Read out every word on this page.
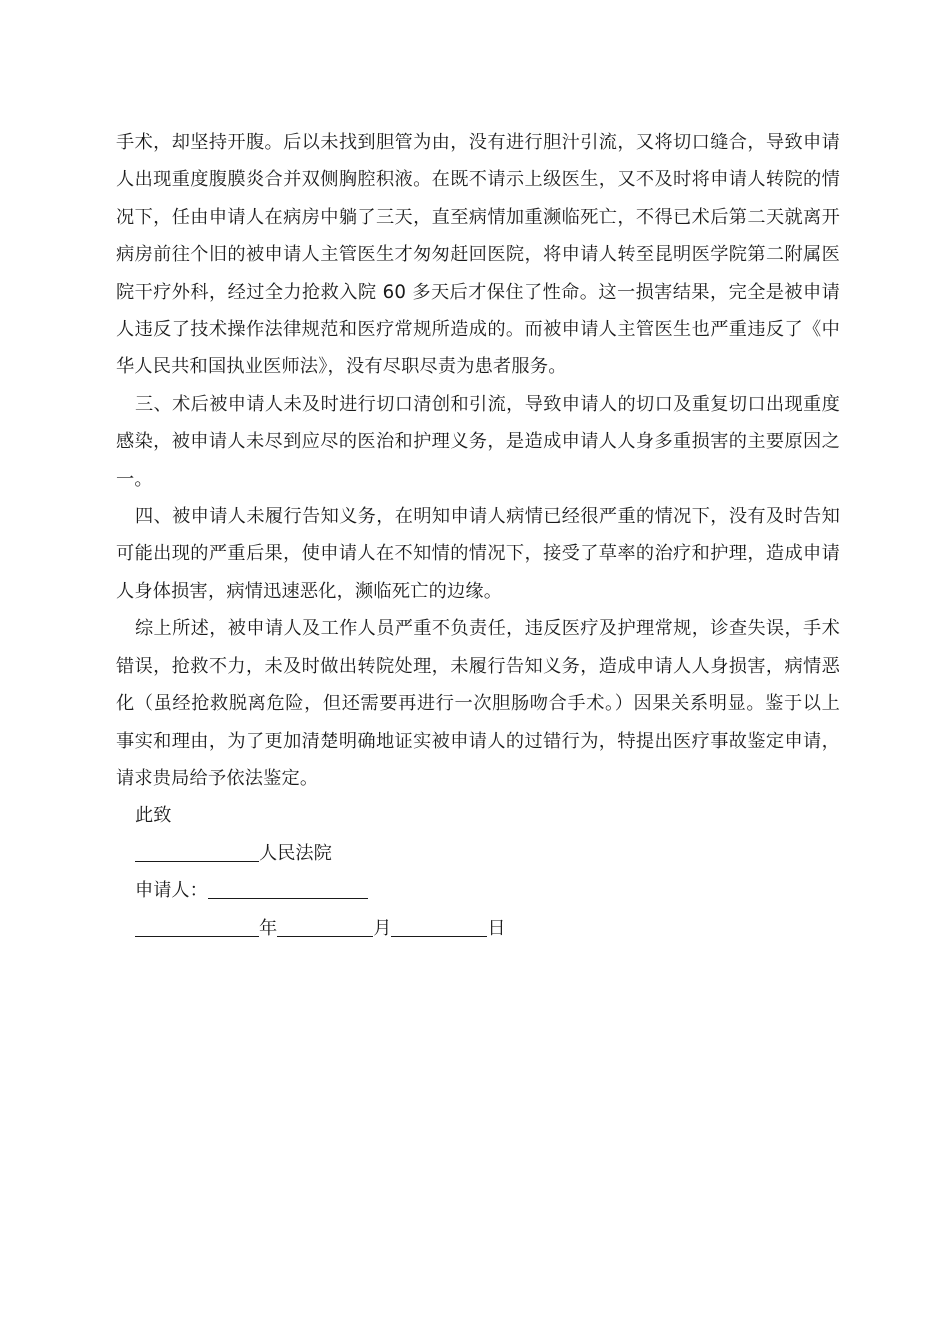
手术，却坚持开腹。后以未找到胆管为由，没有进行胆汁引流，又将切口缝合，导致申请人出现重度腹膜炎合并双侧胸腔积液。在既不请示上级医生，又不及时将申请人转院的情况下，任由申请人在病房中躺了三天，直至病情加重濒临死亡，不得已术后第二天就离开病房前往个旧的被申请人主管医生才匆匆赶回医院，将申请人转至昆明医学院第二附属医院干疗外科，经过全力抢救入院 60 多天后才保住了性命。这一损害结果，完全是被申请人违反了技术操作法律规范和医疗常规所造成的。而被申请人主管医生也严重违反了《中华人民共和国执业医师法》，没有尽职尽责为患者服务。

三、术后被申请人未及时进行切口清创和引流，导致申请人的切口及重复切口出现重度感染，被申请人未尽到应尽的医治和护理义务，是造成申请人人身多重损害的主要原因之一。

四、被申请人未履行告知义务，在明知申请人病情已经很严重的情况下，没有及时告知可能出现的严重后果，使申请人在不知情的情况下，接受了草率的治疗和护理，造成申请人身体损害，病情迅速恶化，濒临死亡的边缘。

综上所述，被申请人及工作人员严重不负责任，违反医疗及护理常规，诊查失误，手术错误，抢救不力，未及时做出转院处理，未履行告知义务，造成申请人人身损害，病情恶化（虽经抢救脱离危险，但还需要再进行一次胆肠吻合手术。）因果关系明显。鉴于以上事实和理由，为了更加清楚明确地证实被申请人的过错行为，特提出医疗事故鉴定申请，请求贵局给予依法鉴定。

此致
人民法院
申请人：
年	月	日
